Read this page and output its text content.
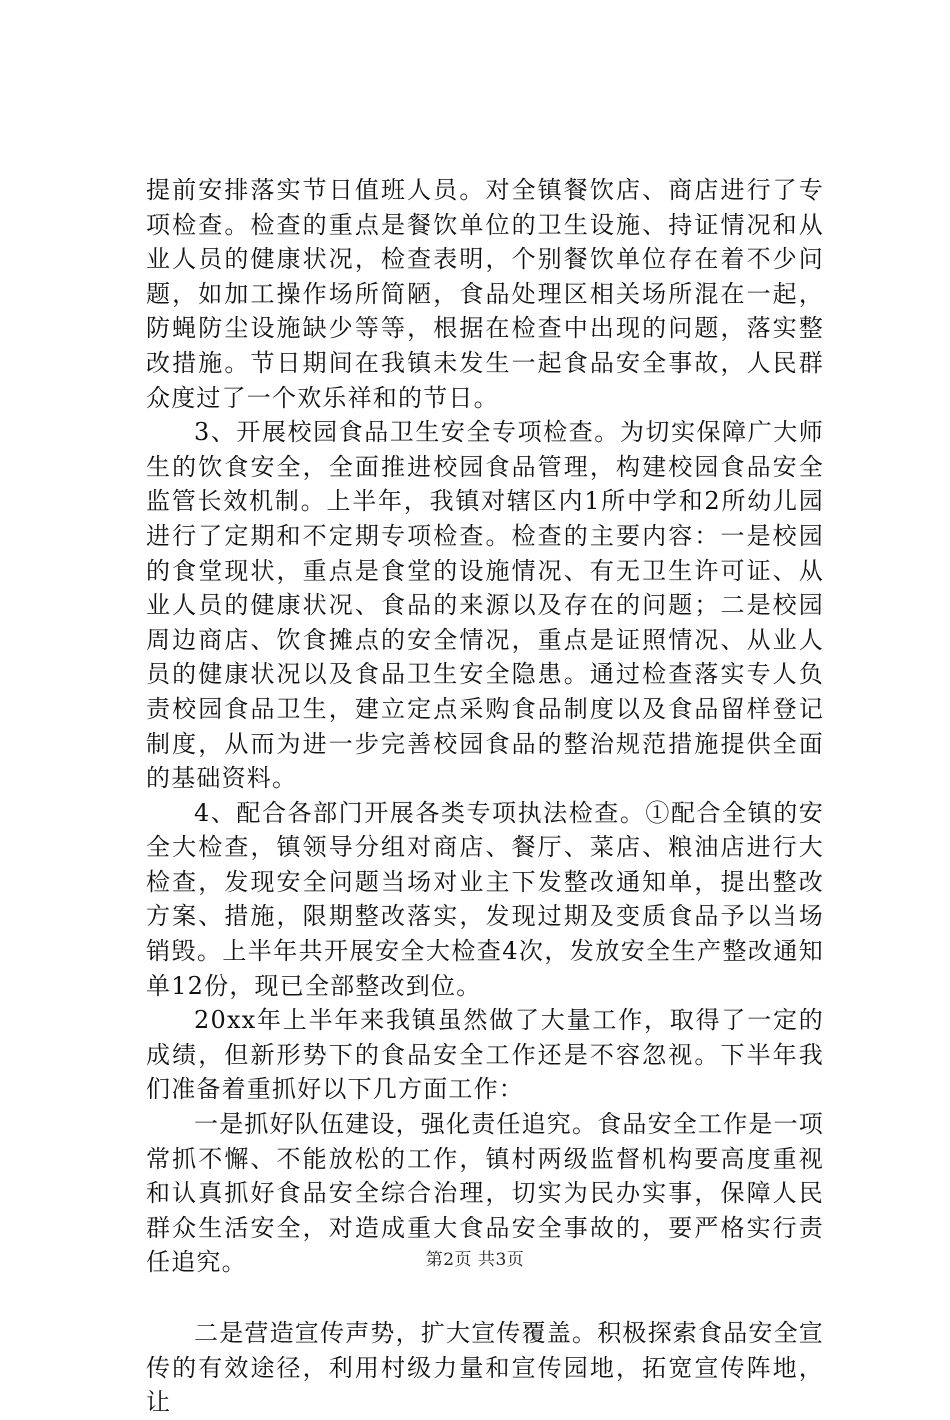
提前安排落实节日值班人员。对全镇餐饮店、商店进行了专项检查。检查的重点是餐饮单位的卫生设施、持证情况和从业人员的健康状况，检查表明，个别餐饮单位存在着不少问题，如加工操作场所简陋，食品处理区相关场所混在一起，防蝇防尘设施缺少等等，根据在检查中出现的问题，落实整改措施。节日期间在我镇未发生一起食品安全事故，人民群众度过了一个欢乐祥和的节日。

3、开展校园食品卫生安全专项检查。为切实保障广大师生的饮食安全，全面推进校园食品管理，构建校园食品安全监管长效机制。上半年，我镇对辖区内1所中学和2所幼儿园进行了定期和不定期专项检查。检查的主要内容：一是校园的食堂现状，重点是食堂的设施情况、有无卫生许可证、从业人员的健康状况、食品的来源以及存在的问题；二是校园周边商店、饮食摊点的安全情况，重点是证照情况、从业人员的健康状况以及食品卫生安全隐患。通过检查落实专人负责校园食品卫生，建立定点采购食品制度以及食品留样登记制度，从而为进一步完善校园食品的整治规范措施提供全面的基础资料。

4、配合各部门开展各类专项执法检查。①配合全镇的安全大检查，镇领导分组对商店、餐厅、菜店、粮油店进行大检查，发现安全问题当场对业主下发整改通知单，提出整改方案、措施，限期整改落实，发现过期及变质食品予以当场销毁。上半年共开展安全大检查4次，发放安全生产整改通知单12份，现已全部整改到位。

20xx年上半年来我镇虽然做了大量工作，取得了一定的成绩，但新形势下的食品安全工作还是不容忽视。下半年我们准备着重抓好以下几方面工作：

一是抓好队伍建设，强化责任追究。食品安全工作是一项常抓不懈、不能放松的工作，镇村两级监督机构要高度重视和认真抓好食品安全综合治理，切实为民办实事，保障人民群众生活安全，对造成重大食品安全事故的，要严格实行责任追究。

二是营造宣传声势，扩大宣传覆盖。积极探索食品安全宣传的有效途径，利用村级力量和宣传园地，拓宽宣传阵地，让

第2页 共3页
